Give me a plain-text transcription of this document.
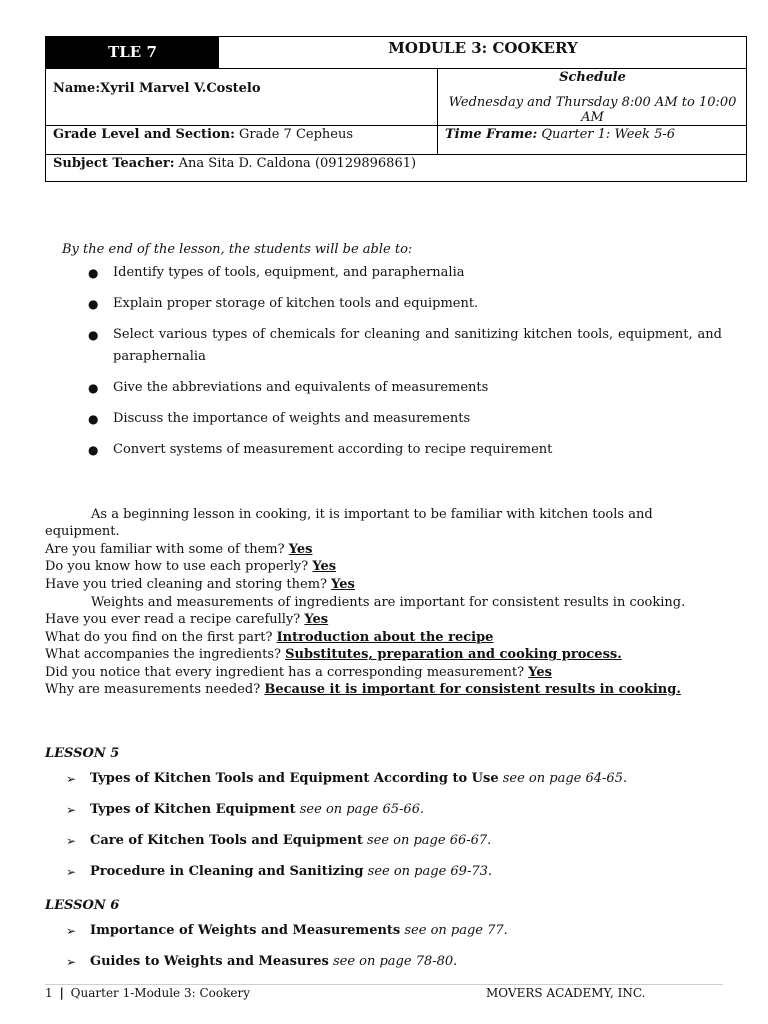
TLE 7	MODULE 3: COOKERY
Name:Xyril Marvel V.Costelo
Schedule
Wednesday and Thursday 8:00 AM to 10:00 AM
Grade Level and Section: Grade 7 Cepheus	Time Frame: Quarter 1: Week 5-6
Subject Teacher: Ana Sita D. Caldona (09129896861)
By the end of the lesson, the students will be able to:
● Identify types of tools, equipment, and paraphernalia
● Explain proper storage of kitchen tools and equipment.
● Select various types of chemicals for cleaning and sanitizing kitchen tools, equipment, and paraphernalia
● Give the abbreviations and equivalents of measurements
● Discuss the importance of weights and measurements
● Convert systems of measurement according to recipe requirement
As a beginning lesson in cooking, it is important to be familiar with kitchen tools and equipment.
Are you familiar with some of them? Yes
Do you know how to use each properly? Yes
Have you tried cleaning and storing them? Yes
Weights and measurements of ingredients are important for consistent results in cooking.
Have you ever read a recipe carefully? Yes
What do you find on the first part? Introduction about the recipe
What accompanies the ingredients? Substitutes, preparation and cooking process.
Did you notice that every ingredient has a corresponding measurement? Yes
Why are measurements needed? Because it is important for consistent results in cooking.
LESSON 5
➢ Types of Kitchen Tools and Equipment According to Use see on page 64-65.
➢ Types of Kitchen Equipment see on page 65-66.
➢ Care of Kitchen Tools and Equipment see on page 66-67.
➢ Procedure in Cleaning and Sanitizing see on page 69-73.
LESSON 6
➢ Importance of Weights and Measurements see on page 77.
➢ Guides to Weights and Measures see on page 78-80.
1 | Quarter 1-Module 3: Cookery	MOVERS ACADEMY, INC.
